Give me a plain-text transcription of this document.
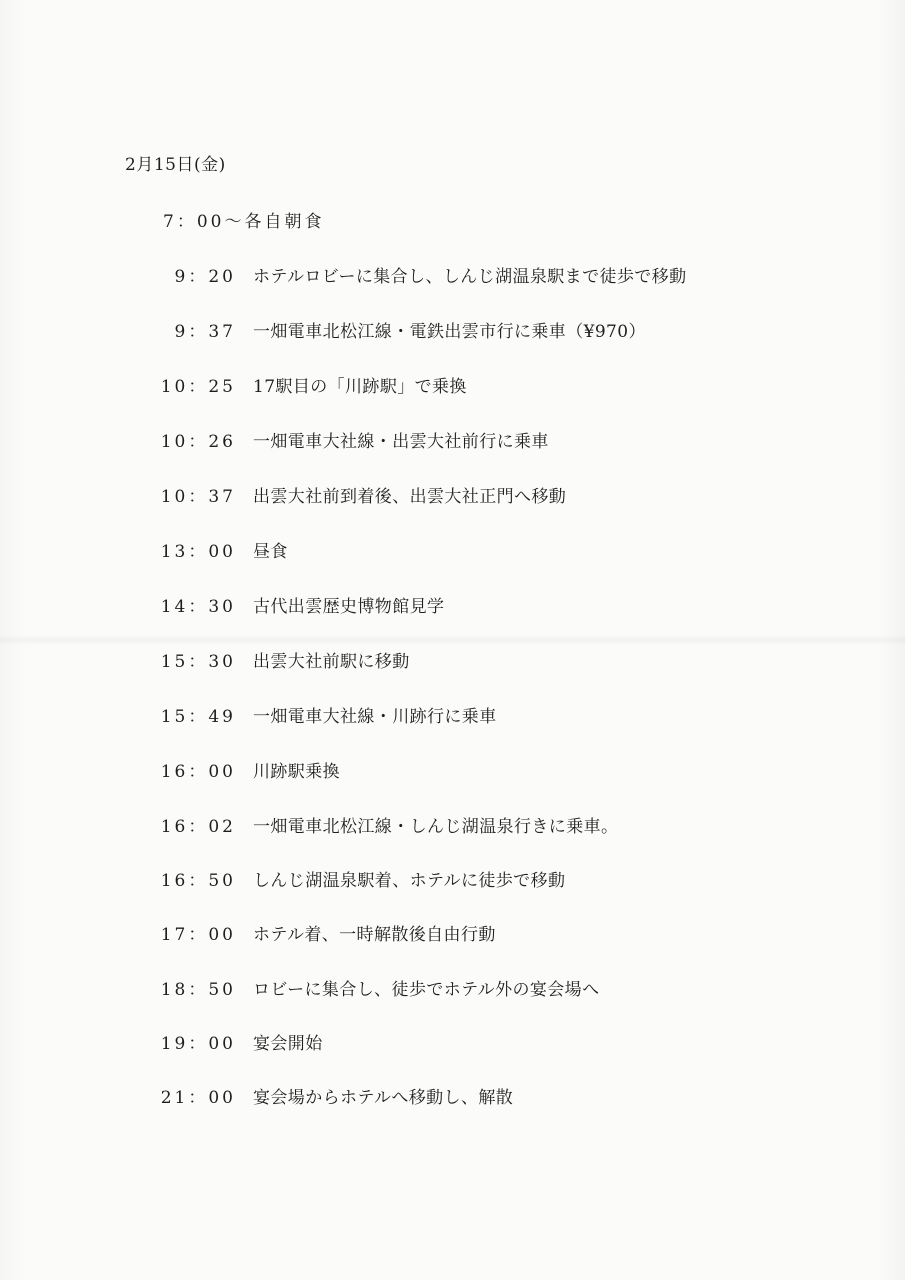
2月15日(金)
7：00～各自朝食
9：20 ホテルロビーに集合し、しんじ湖温泉駅まで徒歩で移動
9：37 一畑電車北松江線・電鉄出雲市行に乗車（¥970）
10：25 17駅目の「川跡駅」で乗換
10：26 一畑電車大社線・出雲大社前行に乗車
10：37 出雲大社前到着後、出雲大社正門へ移動
13：00 昼食
14：30 古代出雲歴史博物館見学
15：30 出雲大社前駅に移動
15：49 一畑電車大社線・川跡行に乗車
16：00 川跡駅乗換
16：02 一畑電車北松江線・しんじ湖温泉行きに乗車。
16：50 しんじ湖温泉駅着、ホテルに徒歩で移動
17：00 ホテル着、一時解散後自由行動
18：50 ロビーに集合し、徒歩でホテル外の宴会場へ
19：00 宴会開始
21：00 宴会場からホテルへ移動し、解散
